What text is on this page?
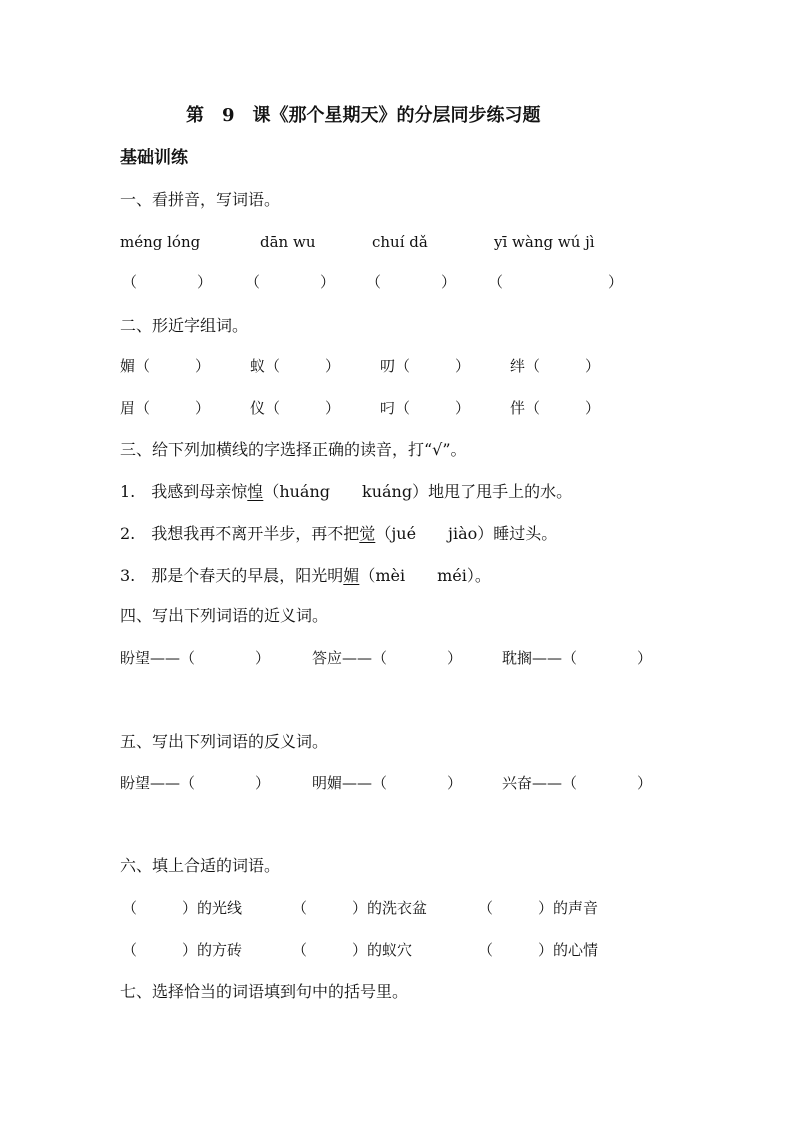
第　9　课《那个星期天》的分层同步练习题
基础训练
一、看拼音，写词语。
méng lóng	dān wu	chuí dǎ	yī wàng wú jì
（　　　　） （　　　　） （　　　　） （　　　　　　　）
二、形近字组词。
媚（　　　）	蚁（　　　）	叨（　　　）	绊（　　　）
眉（　　　）	仪（　　　）	叼（　　　）	伴（　　　）
三、给下列加横线的字选择正确的读音，打“√”。
1.　 我感到母亲惊惶（huáng　　kuáng）地甩了甩手上的水。
2.　 我想我再不离开半步，再不把觉（jué　　jiào）睡过头。
3.　 那是个春天的早晨，阳光明媚（mèi　　méi）。
四、写出下列词语的近义词。
盼望——（　　　　）	答应——（　　　　）	耽搁——（　　　　）
五、写出下列词语的反义词。
盼望——（　　　　）	明媚——（　　　　）	兴奋——（　　　　）
六、填上合适的词语。
（　　　）的光线	（　　　）的洗衣盆	（　　　）的声音
（　　　）的方砖	（　　　）的蚁穴	（　　　）的心情
七、选择恰当的词语填到句中的括号里。
